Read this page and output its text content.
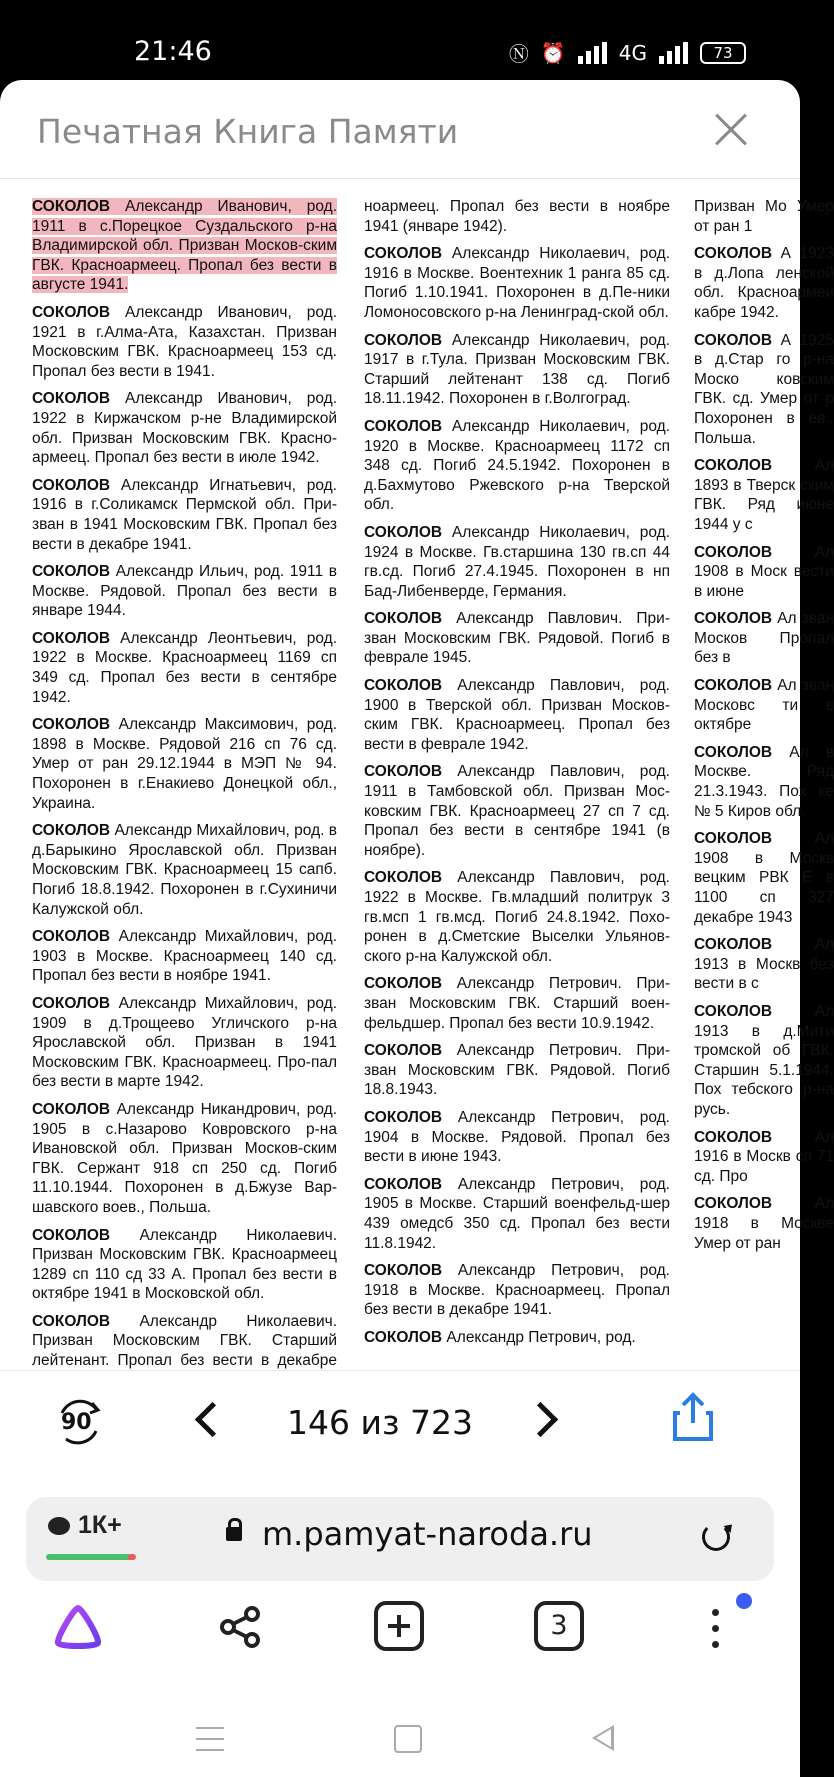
21:46	Ⓝ ⏰	4G	73
Печатная Книга Памяти
СОКОЛОВ Александр Иванович, род. 1911 в с.Порецкое Суздальского р-на Владимирской обл. Призван Москов-ским ГВК. Красноармеец. Пропал без вести в августе 1941.
СОКОЛОВ Александр Иванович, род. 1921 в г.Алма-Ата, Казахстан. Призван Московским ГВК. Красноармеец 153 сд. Пропал без вести в 1941.
СОКОЛОВ Александр Иванович, род. 1922 в Киржачском р-не Владимирской обл. Призван Московским ГВК. Красно-армеец. Пропал без вести в июле 1942.
СОКОЛОВ Александр Игнатьевич, род. 1916 в г.Соликамск Пермской обл. При-зван в 1941 Московским ГВК. Пропал без вести в декабре 1941.
СОКОЛОВ Александр Ильич, род. 1911 в Москве. Рядовой. Пропал без вести в январе 1944.
СОКОЛОВ Александр Леонтьевич, род. 1922 в Москве. Красноармеец 1169 сп 349 сд. Пропал без вести в сентябре 1942.
СОКОЛОВ Александр Максимович, род. 1898 в Москве. Рядовой 216 сп 76 сд. Умер от ран 29.12.1944 в МЭП № 94. Похоронен в г.Енакиево Донецкой обл., Украина.
СОКОЛОВ Александр Михайлович, род. в д.Барыкино Ярославской обл. Призван Московским ГВК. Красноармеец 15 сапб. Погиб 18.8.1942. Похоронен в г.Сухиничи Калужской обл.
СОКОЛОВ Александр Михайлович, род. 1903 в Москве. Красноармеец 140 сд. Пропал без вести в ноябре 1941.
СОКОЛОВ Александр Михайлович, род. 1909 в д.Трощеево Угличского р-на Ярославской обл. Призван в 1941 Московским ГВК. Красноармеец. Про-пал без вести в марте 1942.
СОКОЛОВ Александр Никандрович, род. 1905 в с.Назарово Ковровского р-на Ивановской обл. Призван Москов-ским ГВК. Сержант 918 сп 250 сд. Погиб 11.10.1944. Похоронен в д.Бжузе Вар-шавского воев., Польша.
СОКОЛОВ Александр Николаевич. Призван Московским ГВК. Красноармеец 1289 сп 110 сд 33 А. Пропал без вести в октябре 1941 в Московской обл.
СОКОЛОВ Александр Николаевич. Призван Московским ГВК. Старший лейтенант. Пропал без вести в декабре
ноармеец. Пропал без вести в ноябре 1941 (январе 1942).
СОКОЛОВ Александр Николаевич, род. 1916 в Москве. Воентехник 1 ранга 85 сд. Погиб 1.10.1941. Похоронен в д.Пе-ники Ломоносовского р-на Ленинград-ской обл.
СОКОЛОВ Александр Николаевич, род. 1917 в г.Тула. Призван Московским ГВК. Старший лейтенант 138 сд. Погиб 18.11.1942. Похоронен в г.Волгоград.
СОКОЛОВ Александр Николаевич, род. 1920 в Москве. Красноармеец 1172 сп 348 сд. Погиб 24.5.1942. Похоронен в д.Бахмутово Ржевского р-на Тверской обл.
СОКОЛОВ Александр Николаевич, род. 1924 в Москве. Гв.старшина 130 гв.сп 44 гв.сд. Погиб 27.4.1945. Похоронен в нп Бад-Либенверде, Германия.
СОКОЛОВ Александр Павлович. При-зван Московским ГВК. Рядовой. Погиб в феврале 1945.
СОКОЛОВ Александр Павлович, род. 1900 в Тверской обл. Призван Москов-ским ГВК. Красноармеец. Пропал без вести в феврале 1942.
СОКОЛОВ Александр Павлович, род. 1911 в Тамбовской обл. Призван Мос-ковским ГВК. Красноармеец 27 сп 7 сд. Пропал без вести в сентябре 1941 (в ноябре).
СОКОЛОВ Александр Павлович, род. 1922 в Москве. Гв.младший политрук 3 гв.мсп 1 гв.мсд. Погиб 24.8.1942. Похо-ронен в д.Сметские Выселки Ульянов-ского р-на Калужской обл.
СОКОЛОВ Александр Петрович. При-зван Московским ГВК. Старший воен-фельдшер. Пропал без вести 10.9.1942.
СОКОЛОВ Александр Петрович. При-зван Московским ГВК. Рядовой. Погиб 18.8.1943.
СОКОЛОВ Александр Петрович, род. 1904 в Москве. Рядовой. Пропал без вести в июне 1943.
СОКОЛОВ Александр Петрович, род. 1905 в Москве. Старший военфельд-шер 439 омедсб 350 сд. Пропал без вести 11.8.1942.
СОКОЛОВ Александр Петрович, род. 1918 в Москве. Красноармеец. Пропал без вести в декабре 1941.
СОКОЛОВ Александр Петрович, род.
Призван Мо Умер от ран 1
СОКОЛОВ А 1923 в д.Лопа ленской обл. Красноармеи кабре 1942.
СОКОЛОВ А 1925 в д.Стар го р-на Моско ковским ГВК. сд. Умер от р Похоронен в ев., Польша.
СОКОЛОВ Ал 1893 в Тверск ским ГВК. Ряд июне 1944 у с
СОКОЛОВ Ал 1908 в Моск вести в июне
СОКОЛОВ Ал зван Москов Пропал без в
СОКОЛОВ Ал зван Московс ти в октябре
СОКОЛОВ Ал в Москве. Ряд 21.3.1943. Пох ке № 5 Киров обл.
СОКОЛОВ Ал 1908 в Москв вецким РВК Е в 1100 сп 327 декабре 1943
СОКОЛОВ Ал 1913 в Москв без вести в с
СОКОЛОВ Ал 1913 в д.Мити тромской об ГВК. Старшин 5.1.1944. Пох тебского р-на русь.
СОКОЛОВ Ал 1916 в Москв сп 71 сд. Про
СОКОЛОВ Ал 1918 в Москве Умер от ран
90	146 из 723
1К+	m.pamyat-naroda.ru
3
